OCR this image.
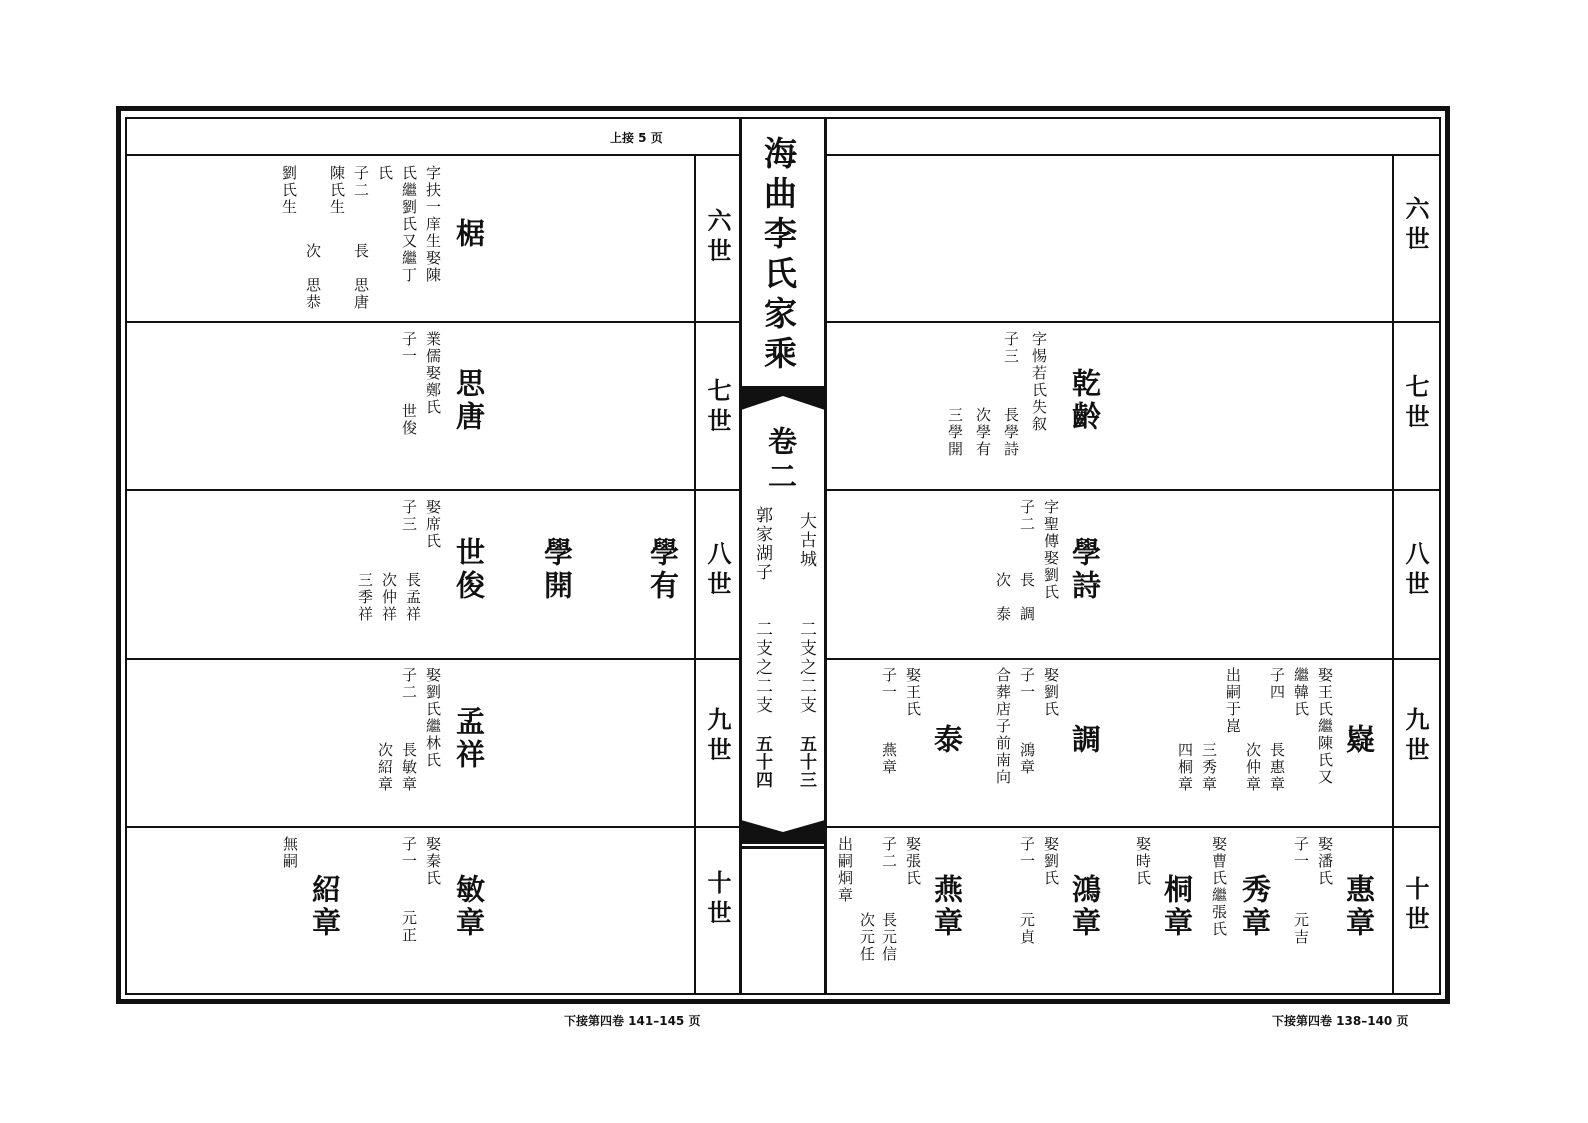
海曲李氏家乘
卷二
大古城
二支之二支
五十三
郭家湖子
二支之二支
五十四
上接 5 页
下接第四卷 141–145 页	下接第四卷 138–140 页
六世
七世
八世
九世
十世
六世
七世
八世
九世
十世
椐
字扶一庠生娶陳
氏繼劉氏又繼丁
氏
子二
陳氏生
劉氏生
長　思唐
次　思恭
思唐
業儒娶鄭氏
子一
世俊
學有
學開
世俊
娶席氏
子三
長孟祥
次仲祥
三季祥
孟祥
娶劉氏繼林氏
子二
長敏章
次紹章
敏章
娶秦氏
子一
元正
紹章
無嗣
乾齡
字惕若氏失叙
子三
長學詩
次學有
三學開
學詩
字聖傳娶劉氏
子二
長　調
次　泰
嶷
娶王氏繼陳氏又
繼韓氏
子四
出嗣于崑
長惠章
次仲章
三秀章
四桐章
調
娶劉氏
子一
合葬店子前南向 鴻章
泰
娶王氏
子一
燕章
惠章
娶潘氏
子一
元吉
秀章
娶曹氏繼張氏
桐章
娶時氏
鴻章
娶劉氏
子一
元貞
燕章
娶張氏
子二
出嗣烔章
長元信
次元任
